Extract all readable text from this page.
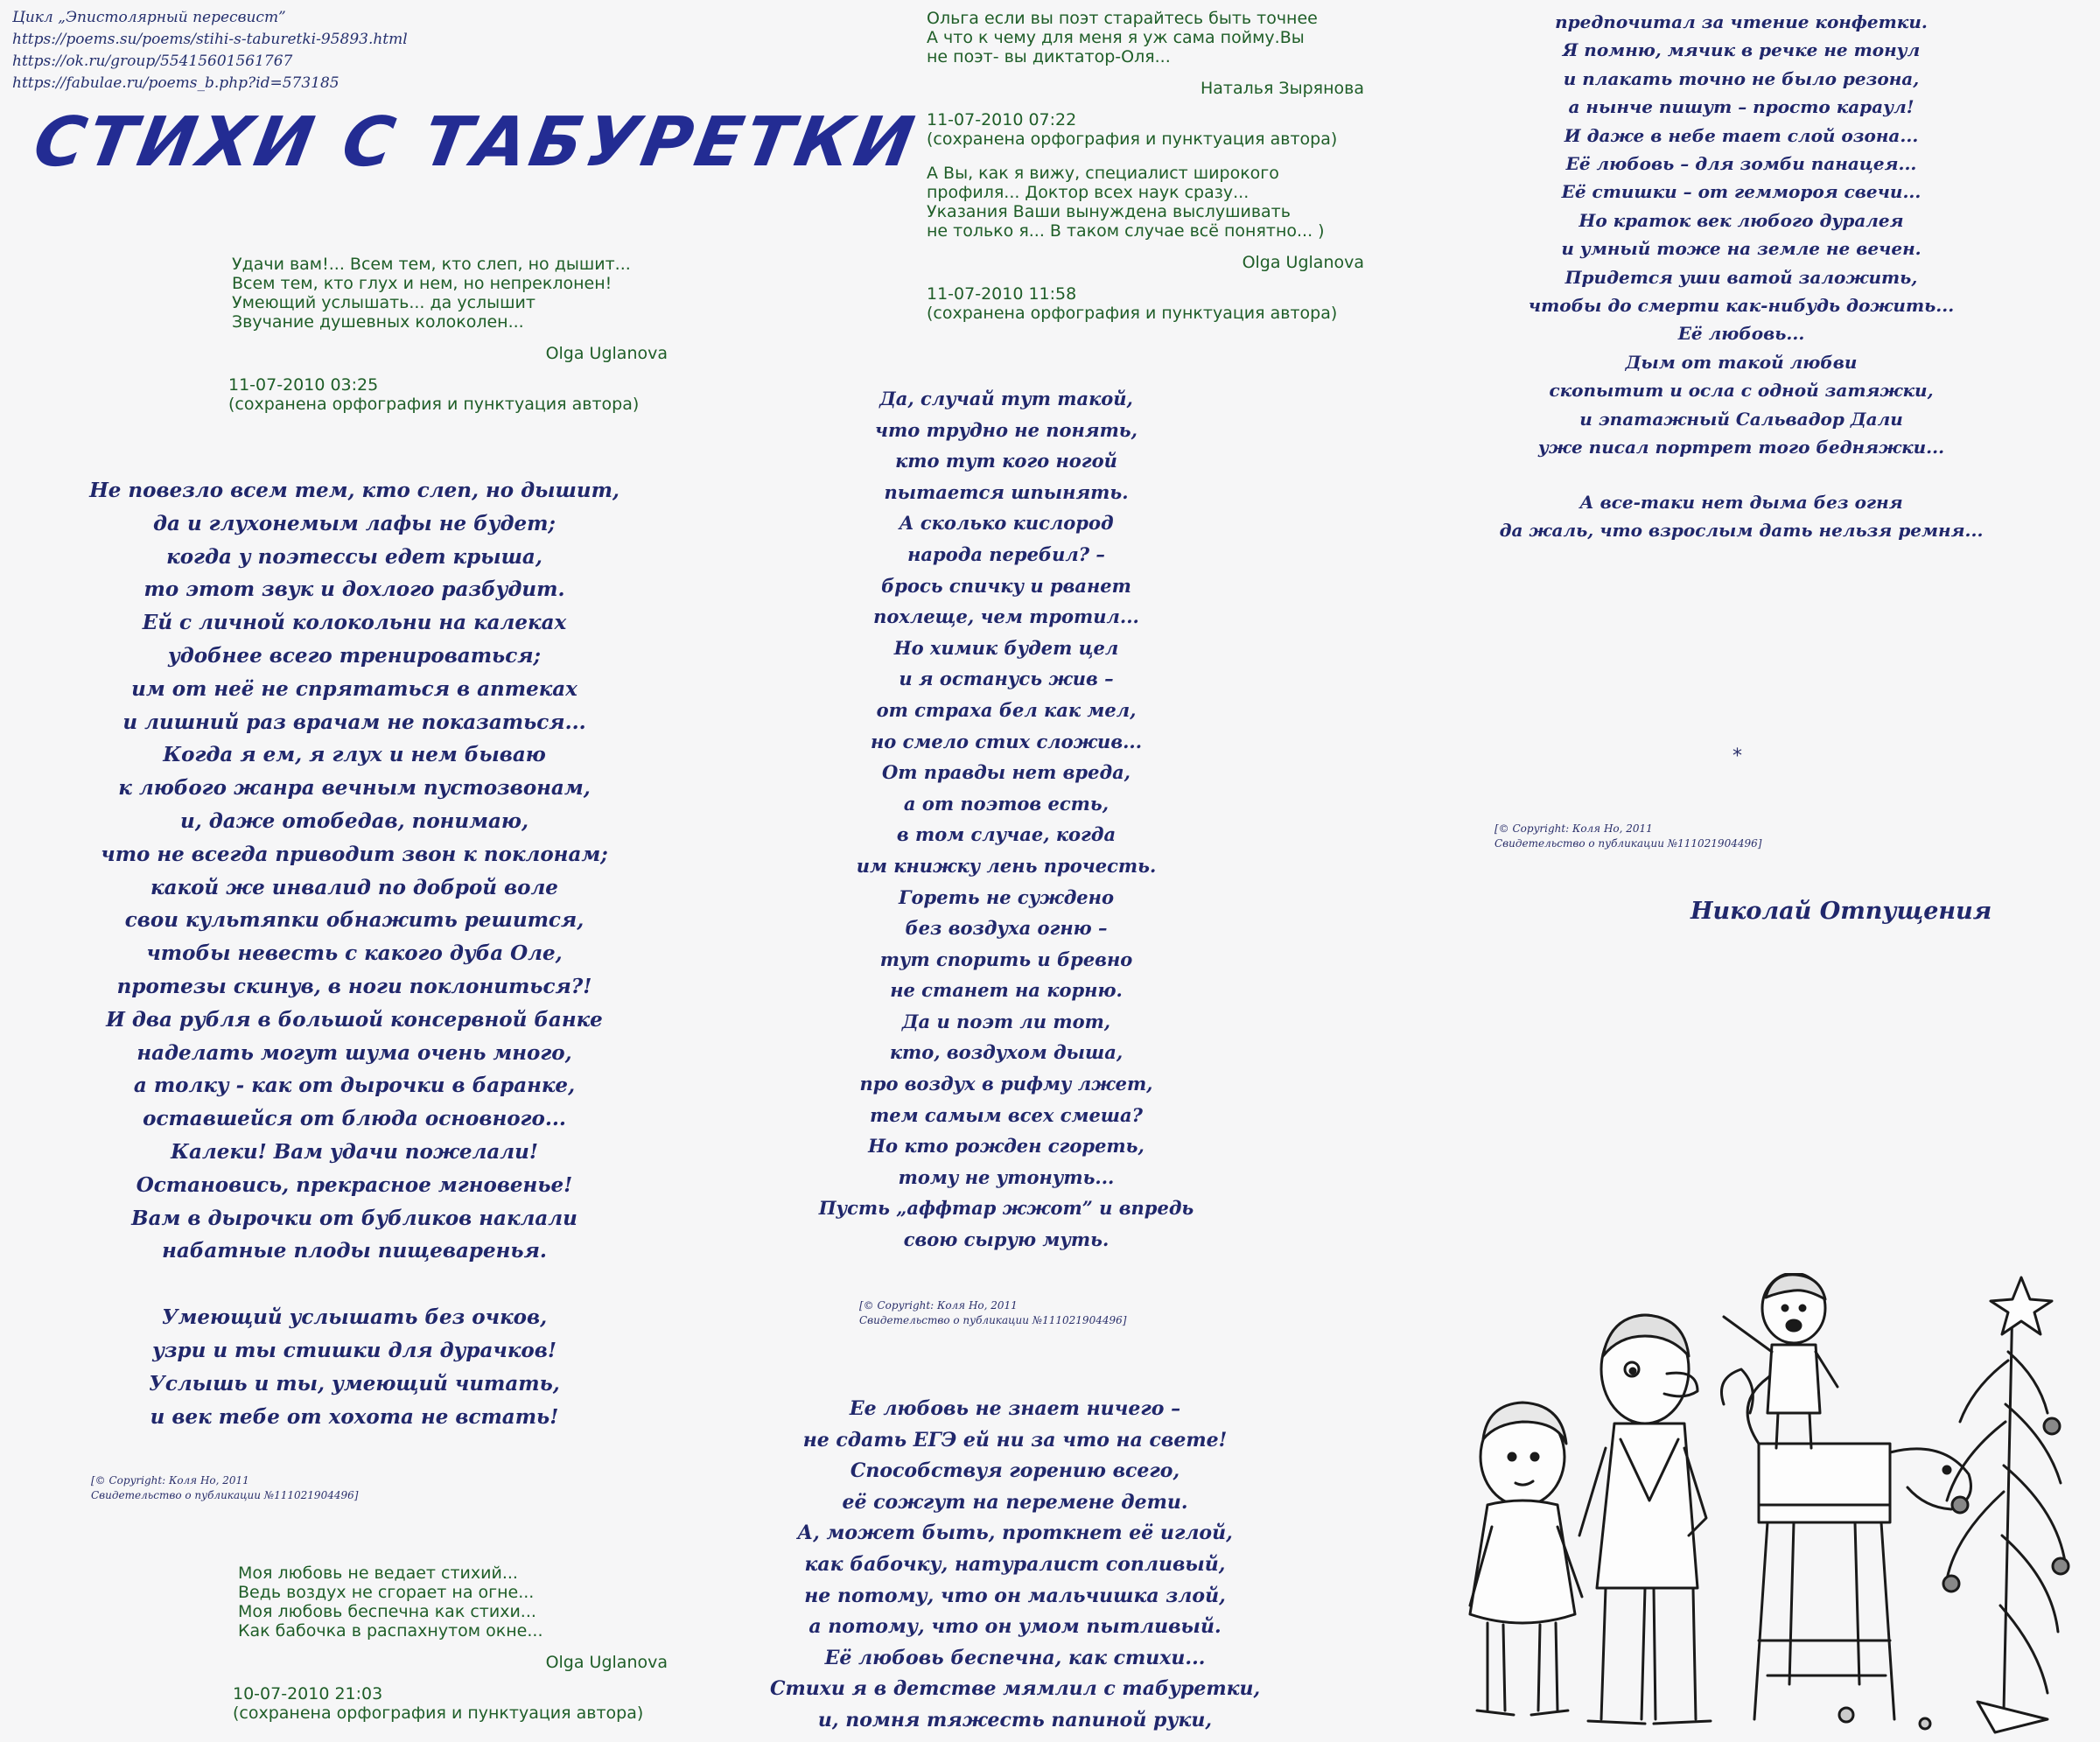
Цикл „Эпистолярный пересвист”
https://poems.su/poems/stihi-s-taburetki-95893.html
https://ok.ru/group/55415601561767
https://fabulae.ru/poems_b.php?id=573185
СТИХИ С ТАБУРЕТКИ
Удачи вам!... Всем тем, кто слеп, но дышит...
Всем тем, кто глух и нем, но непреклонен!
Умеющий услышать... да услышит
Звучание душевных колоколен...
Olga Uglanova
11-07-2010 03:25
(сохранена орфография и пунктуация автора)
Не повезло всем тем, кто слеп, но дышит,
да и глухонемым лафы не будет;
когда у поэтессы едет крыша,
то этот звук и дохлого разбудит.
Ей с личной колокольни на калеках
удобнее всего тренироваться;
им от неё не спрятаться в аптеках
и лишний раз врачам не показаться...
Когда я ем, я глух и нем бываю
к любого жанра вечным пустозвонам,
и, даже отобедав, понимаю,
что не всегда приводит звон к поклонам;
какой же инвалид по доброй воле
свои культяпки обнажить решится,
чтобы невесть с какого дуба Оле,
протезы скинув, в ноги поклониться?!
И два рубля в большой консервной банке
наделать могут шума очень много,
а толку - как от дырочки в баранке,
оставшейся от блюда основного...
Калеки! Вам удачи пожелали!
Остановись, прекрасное мгновенье!
Вам в дырочки от бубликов наклали
набатные плоды пищеваренья.
Умеющий услышать без очков,
узри и ты стишки для дурачков!
Услышь и ты, умеющий читать,
и век тебе от хохота не встать!
[© Copyright: Коля Но, 2011
Свидетельство о публикации №111021904496]
Моя любовь не ведает стихий...
Ведь воздух не сгорает на огне...
Моя любовь беспечна как стихи...
Как бабочка в распахнутом окне...
Olga Uglanova
10-07-2010 21:03
(сохранена орфография и пунктуация автора)
Ольга если вы поэт старайтесь быть точнее
А что к чему для меня я уж сама пойму.Вы
не поэт- вы диктатор-Оля...
Наталья Зырянова
11-07-2010 07:22
(сохранена орфография и пунктуация автора)
А Вы, как я вижу, специалист широкого
профиля... Доктор всех наук сразу...
Указания Ваши вынуждена выслушивать
не только я... В таком случае всё понятно... )
Olga Uglanova
11-07-2010 11:58
(сохранена орфография и пунктуация автора)
Да, случай тут такой,
что трудно не понять,
кто тут кого ногой
пытается шпынять.
А сколько кислород
народа перебил? –
брось спичку и рванет
похлеще, чем тротил...
Но химик будет цел
и я останусь жив –
от страха бел как мел,
но смело стих сложив...
От правды нет вреда,
а от поэтов есть,
в том случае, когда
им книжку лень прочесть.
Гореть не суждено
без воздуха огню –
тут спорить и бревно
не станет на корню.
Да и поэт ли тот,
кто, воздухом дыша,
про воздух в рифму лжет,
тем самым всех смеша?
Но кто рожден сгореть,
тому не утонуть...
Пусть „аффтар жжот” и впредь
свою сырую муть.
[© Copyright: Коля Но, 2011
Свидетельство о публикации №111021904496]
Ее любовь не знает ничего –
не сдать ЕГЭ ей ни за что на свете!
Способствуя горению всего,
её сожгут на перемене дети.
А, может быть, проткнет её иглой,
как бабочку, натуралист сопливый,
не потому, что он мальчишка злой,
а потому, что он умом пытливый.
Её любовь беспечна, как стихи...
Стихи я в детстве мямлил с табуретки,
и, помня тяжесть папиной руки,
предпочитал за чтение конфетки.
Я помню, мячик в речке не тонул
и плакать точно не было резона,
а нынче пишут – просто караул!
И даже в небе тает слой озона...
Её любовь – для зомби панацея...
Её стишки – от геммороя свечи...
Но краток век любого дуралея
и умный тоже на земле не вечен.
Придется уши ватой заложить,
чтобы до смерти как-нибудь дожить...
Её любовь...
Дым от такой любви
скопытит и осла с одной затяжки,
и эпатажный Сальвадор Дали
уже писал портрет того бедняжки...
А все-таки нет дыма без огня
да жаль, что взрослым дать нельзя ремня...
*
[© Copyright: Коля Но, 2011
Свидетельство о публикации №111021904496]
Николай Отпущения
